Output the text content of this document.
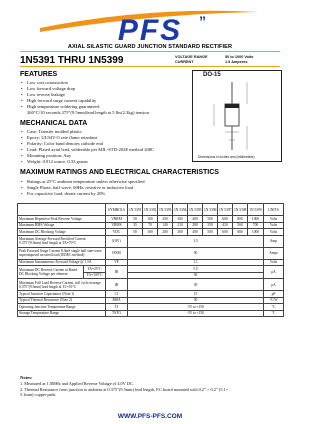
PFS ”
AXIAL SILASTIC GUARD JUNCTION STANDARD RECTIFIER
1N5391 THRU 1N5399	VOLTAGE RANGE
CURRENT
50 to 1000 Volts
1.5 Amperes
FEATURES
• Low cost construction
• Low forward voltage drop
• Low reverse leakage
• High forward surge current capability
• High temperature soldering guaranteed:
260°C/10 seconds,375”(9.5mm)lead length at 5 lbs(2.3kg) tension
MECHANICAL DATA
• Case: Transfer molded plastic
• Epoxy: UL94V-O rate flame retardant
• Polarity: Color band denotes cathode end
• Lead: Plated axial lead, solderable per MIL-STD-202E method 208C
• Mounting position: Any
• Weight: 0.012 ounce, 0.33 grams
DO-15
Dimensions in inches and (millimeters)
MAXIMUM RATINGS AND ELECTRICAL CHARACTERISTICS
• Ratings at 25°C ambient temperature unless otherwise specified
• Single Phase, half wave, 60Hz, resistive or inductive load
• For capacitive load, derate current by 20%
		SYMBOLS	1N 5391	1N 5392	1N 5393	1N 5394	1N 5395	1N 5396	1N 5397	1N 5398	1N 5399	UNITS
Maximum Repetitive Peak Reverse Voltage		VRRM	50	100	200	300	400	500	600	800	1000	Volts
Maximum RMS Voltage		VRMS	35	70	140	210	280	350	420	560	700	Volts
Maximum DC Blocking Voltage		VDC	50	100	200	300	400	500	600	800	1000	Volts
Maximum Average Forward Rectified Current 0.375”(9.5mm) lead length at TA=70°C		I(AV)	1.5									Amp
Peak Forward Surge Current 8.3mS single half sine-wave superimposed on rated load (JEDEC method)		IFSM	50									Amps
Maximum Instantaneous Forward Voltage @ 1.5A		VF	1.1									Volts
Maximum DC Reverse Current at Rated DC Blocking Voltage per element	TA=25°C	IR	5.0									μA
	TA=100°C		50									
Maximum Full Load Reverse Current, full cycle average 0.375”(9.5mm) lead length at TL=55°C		IR	30									μA
Typical Junction Capacitance (Note 1)		CJ	15									pF
Typical Thermal Resistance (Note 2)		RθJA	50									°C/W
Operating Junction Temperature Range		TJ	-55 to +150									°C
Storage Temperature Range		TSTG	-55 to +150									°C
Notes:
1. Measured at 1.0MHz and Applied Reverse Voltage of 4.0V DC.
2. Thermal Resistance from junction to ambient at 0.375”(9.5mm) lead length, P.C.board mounted with 0.2” × 0.2” (5.1×
5.1mm) copper pads.
WWW.PFS-PFS.COM
